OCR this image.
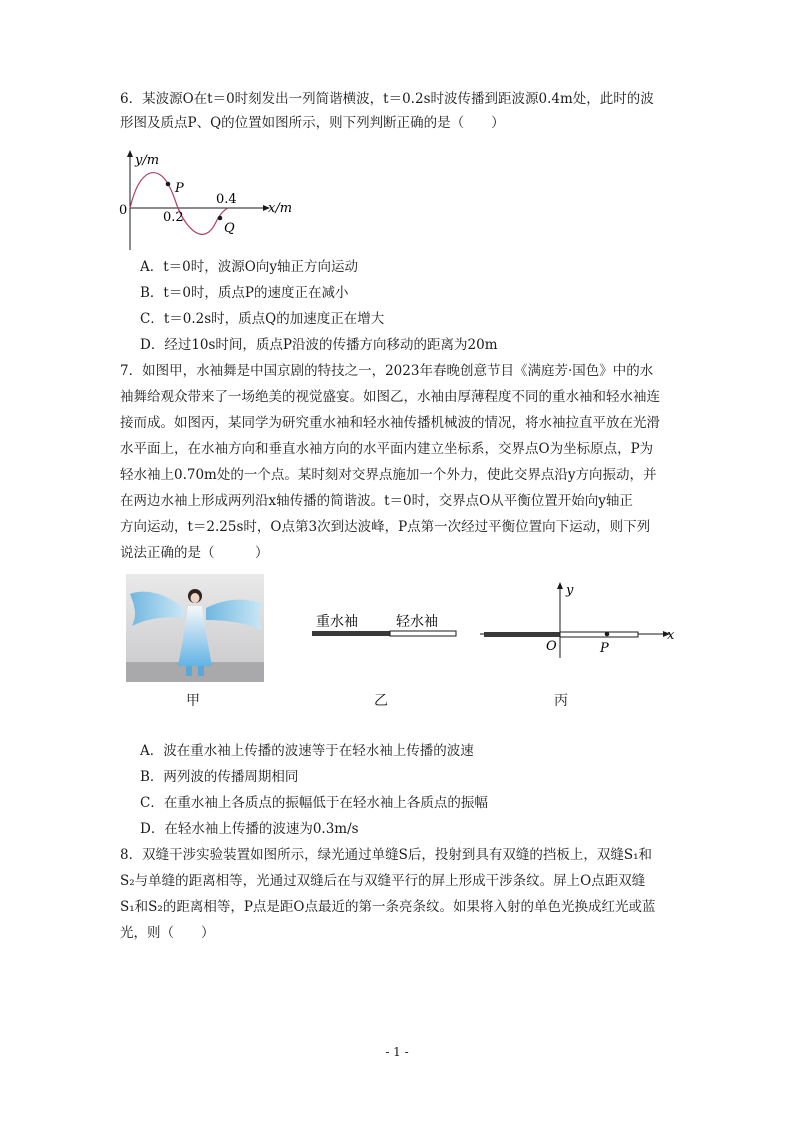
6．某波源O在t＝0时刻发出一列简谐横波，t＝0.2s时波传播到距波源0.4m处，此时的波
形图及质点P、Q的位置如图所示，则下列判断正确的是（　　）
y/m
x/m
0	0.2
0.4
P
Q
A．t＝0时，波源O向y轴正方向运动
B．t＝0时，质点P的速度正在减小
C．t＝0.2s时，质点Q的加速度正在增大
D．经过10s时间，质点P沿波的传播方向移动的距离为20m
7．如图甲，水袖舞是中国京剧的特技之一，2023年春晚创意节目《满庭芳·国色》中的水
袖舞给观众带来了一场绝美的视觉盛宴。如图乙，水袖由厚薄程度不同的重水袖和轻水袖连
接而成。如图丙，某同学为研究重水袖和轻水袖传播机械波的情况，将水袖拉直平放在光滑
水平面上，在水袖方向和垂直水袖方向的水平面内建立坐标系，交界点O为坐标原点，P为
轻水袖上0.70m处的一个点。某时刻对交界点施加一个外力，使此交界点沿y方向振动，并
在两边水袖上形成两列沿x轴传播的简谐波。t＝0时，交界点O从平衡位置开始向y轴正
方向运动，t＝2.25s时，O点第3次到达波峰，P点第一次经过平衡位置向下运动，则下列
说法正确的是（　　　）
重水袖	轻水袖
y
x
O	P
甲	乙	丙
A．波在重水袖上传播的波速等于在轻水袖上传播的波速
B．两列波的传播周期相同
C．在重水袖上各质点的振幅低于在轻水袖上各质点的振幅
D．在轻水袖上传播的波速为0.3m/s
8．双缝干涉实验装置如图所示，绿光通过单缝S后，投射到具有双缝的挡板上，双缝S₁和
S₂与单缝的距离相等，光通过双缝后在与双缝平行的屏上形成干涉条纹。屏上O点距双缝
S₁和S₂的距离相等，P点是距O点最近的第一条亮条纹。如果将入射的单色光换成红光或蓝
光，则（　　）
- 1 -
